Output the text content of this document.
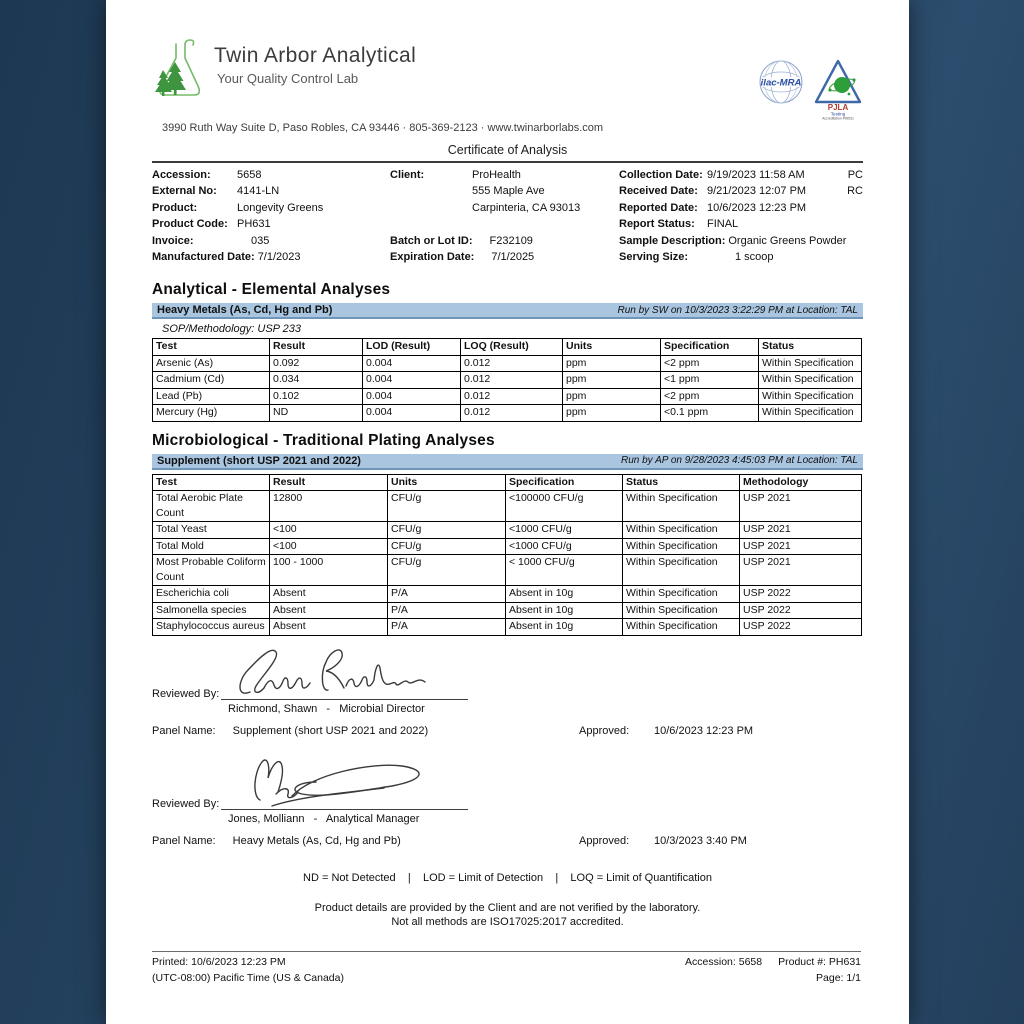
Twin Arbor Analytical
Your Quality Control Lab	ilac-MRA
PJLA
Testing
Accreditation #99531
3990 Ruth Way Suite D, Paso Robles, CA 93446 · 805-369-2123 · www.twinarborlabs.com
Certificate of Analysis
Accession:	5658
External No:	4141-LN
Product:	Longevity Greens
Product Code: PH631
Invoice:	035
Manufactured Date: 7/1/2023
Client:	ProHealth
555 Maple Ave
Carpinteria, CA 93013

Batch or Lot ID:	F232109
Expiration Date:	7/1/2025
Collection Date: 9/19/2023 11:58 AM	PC
Received Date: 9/21/2023 12:07 PM	RC
Reported Date: 10/6/2023 12:23 PM
Report Status:	FINAL
Sample Description: Organic Greens Powder
Serving Size:	1 scoop
Analytical - Elemental Analyses
Heavy Metals (As, Cd, Hg and Pb)	Run by SW on 10/3/2023 3:22:29 PM at Location: TAL
SOP/Methodology: USP 233
Test	Result	LOD (Result)	LOQ (Result)	Units	Specification	Status
Arsenic (As)	0.092	0.004	0.012	ppm	<2 ppm	Within Specification
Cadmium (Cd)	0.034	0.004	0.012	ppm	<1 ppm	Within Specification
Lead (Pb)	0.102	0.004	0.012	ppm	<2 ppm	Within Specification
Mercury (Hg)	ND	0.004	0.012	ppm	<0.1 ppm	Within Specification
Microbiological - Traditional Plating Analyses
Supplement (short USP 2021 and 2022)	Run by AP on 9/28/2023 4:45:03 PM at Location: TAL
Test	Result	Units	Specification	Status	Methodology
Total Aerobic Plate Count	12800	CFU/g	<100000 CFU/g	Within Specification	USP 2021
Total Yeast	<100	CFU/g	<1000 CFU/g	Within Specification	USP 2021
Total Mold	<100	CFU/g	<1000 CFU/g	Within Specification	USP 2021
Most Probable Coliform Count	100 - 1000	CFU/g	< 1000 CFU/g	Within Specification	USP 2021
Escherichia coli	Absent	P/A	Absent in 10g	Within Specification	USP 2022
Salmonella species	Absent	P/A	Absent in 10g	Within Specification	USP 2022
Staphylococcus aureus	Absent	P/A	Absent in 10g	Within Specification	USP 2022
Reviewed By:
Richmond, Shawn   -   Microbial Director
Panel Name: Supplement (short USP 2021 and 2022)	Approved: 10/6/2023 12:23 PM
Reviewed By:
Jones, Molliann   -   Analytical Manager
Panel Name: Heavy Metals (As, Cd, Hg and Pb)	Approved: 10/3/2023 3:40 PM
ND = Not Detected    |    LOD = Limit of Detection    |    LOQ = Limit of Quantification
Product details are provided by the Client and are not verified by the laboratory.
Not all methods are ISO17025:2017 accredited.
Printed: 10/6/2023 12:23 PM
(UTC-08:00) Pacific Time (US & Canada)
Accession: 5658 Product #: PH631
Page: 1/1
